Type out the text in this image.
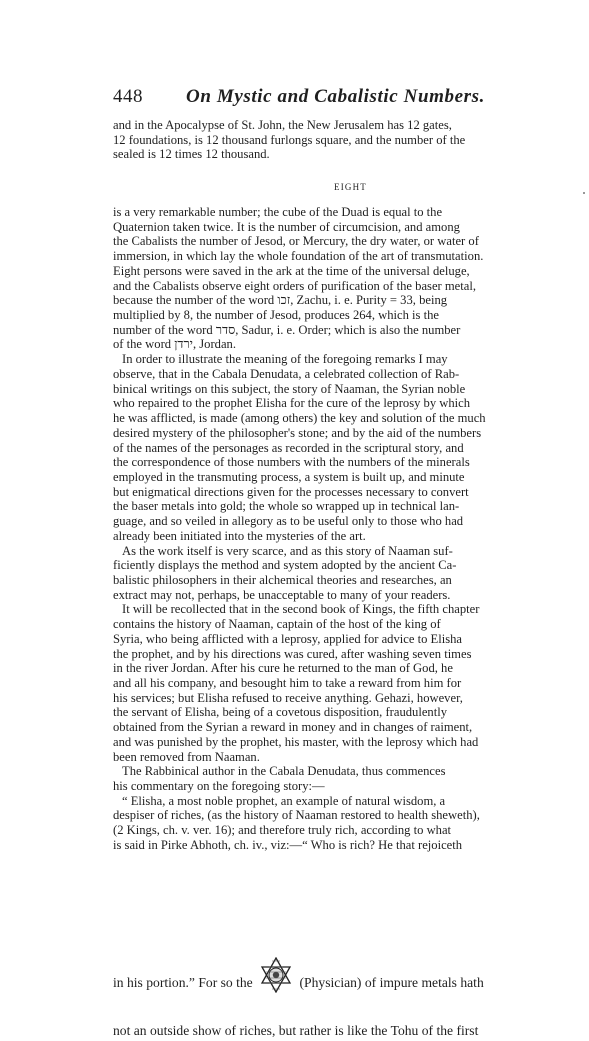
448 On Mystic and Cabalistic Numbers.
and in the Apocalypse of St. John, the New Jerusalem has 12 gates,
12 foundations, is 12 thousand furlongs square, and the number of the
sealed is 12 times 12 thousand.
EIGHT
is a very remarkable number; the cube of the Duad is equal to the
Quaternion taken twice. It is the number of circumcision, and among
the Cabalists the number of Jesod, or Mercury, the dry water, or water of
immersion, in which lay the whole foundation of the art of transmutation.
Eight persons were saved in the ark at the time of the universal deluge,
and the Cabalists observe eight orders of purification of the baser metal,
because the number of the word זכו, Zachu, i. e. Purity = 33, being
multiplied by 8, the number of Jesod, produces 264, which is the
number of the word סדר, Sadur, i. e. Order; which is also the number
of the word ירדן, Jordan.
In order to illustrate the meaning of the foregoing remarks I may
observe, that in the Cabala Denudata, a celebrated collection of Rab-
binical writings on this subject, the story of Naaman, the Syrian noble
who repaired to the prophet Elisha for the cure of the leprosy by which
he was afflicted, is made (among others) the key and solution of the much
desired mystery of the philosopher's stone; and by the aid of the numbers
of the names of the personages as recorded in the scriptural story, and
the correspondence of those numbers with the numbers of the minerals
employed in the transmuting process, a system is built up, and minute
but enigmatical directions given for the processes necessary to convert
the baser metals into gold; the whole so wrapped up in technical lan-
guage, and so veiled in allegory as to be useful only to those who had
already been initiated into the mysteries of the art.
As the work itself is very scarce, and as this story of Naaman suf-
ficiently displays the method and system adopted by the ancient Ca-
balistic philosophers in their alchemical theories and researches, an
extract may not, perhaps, be unacceptable to many of your readers.
It will be recollected that in the second book of Kings, the fifth chapter
contains the history of Naaman, captain of the host of the king of
Syria, who being afflicted with a leprosy, applied for advice to Elisha
the prophet, and by his directions was cured, after washing seven times
in the river Jordan. After his cure he returned to the man of God, he
and all his company, and besought him to take a reward from him for
his services; but Elisha refused to receive anything. Gehazi, however,
the servant of Elisha, being of a covetous disposition, fraudulently
obtained from the Syrian a reward in money and in changes of raiment,
and was punished by the prophet, his master, with the leprosy which had
been removed from Naaman.
The Rabbinical author in the Cabala Denudata, thus commences
his commentary on the foregoing story:—
“ Elisha, a most noble prophet, an example of natural wisdom, a
despiser of riches, (as the history of Naaman restored to health sheweth),
(2 Kings, ch. v. ver. 16); and therefore truly rich, according to what
is said in Pirke Abhoth, ch. iv., viz:—“ Who is rich? He that rejoiceth
in his portion.” For so the	(Physician) of impure metals hath
not an outside show of riches, but rather is like the Tohu of the first
